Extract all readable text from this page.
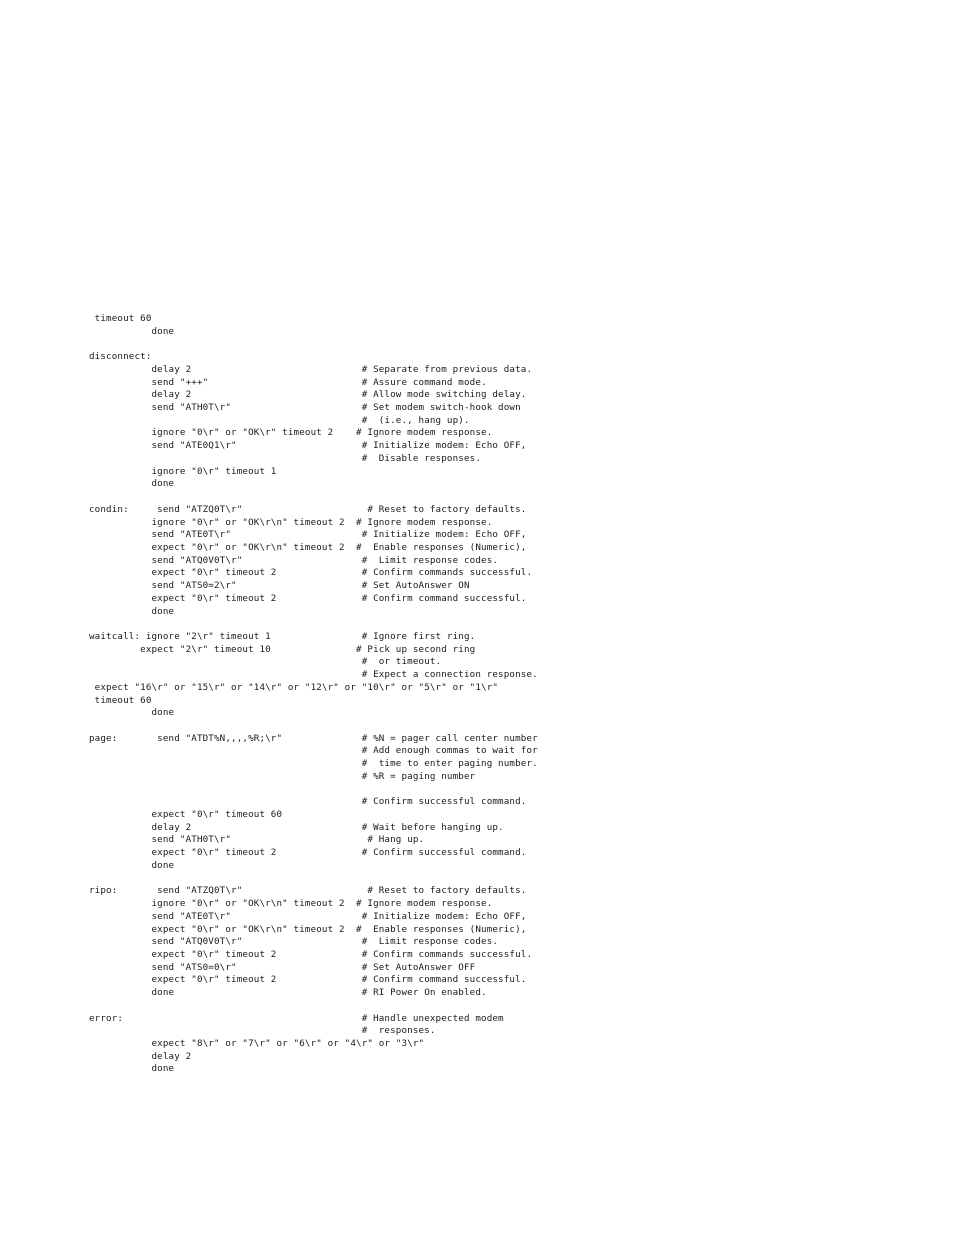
timeout 60
done
disconnect:
delay 2                              # Separate from previous data.
send "+++"                           # Assure command mode.
delay 2                              # Allow mode switching delay.
send "ATH0T\r"                       # Set modem switch-hook down
#  (i.e., hang up).
ignore "0\r" or "OK\r" timeout 2    # Ignore modem response.
send "ATE0Q1\r"                      # Initialize modem: Echo OFF,
#  Disable responses.
ignore "0\r" timeout 1
done
condin:     send "ATZQ0T\r"                      # Reset to factory defaults.
ignore "0\r" or "OK\r\n" timeout 2  # Ignore modem response.
send "ATE0T\r"                       # Initialize modem: Echo OFF,
expect "0\r" or "OK\r\n" timeout 2  #  Enable responses (Numeric),
send "ATQ0V0T\r"                     #  Limit response codes.
expect "0\r" timeout 2               # Confirm commands successful.
send "ATS0=2\r"                      # Set AutoAnswer ON
expect "0\r" timeout 2               # Confirm command successful.
done
waitcall: ignore "2\r" timeout 1                # Ignore first ring.
expect "2\r" timeout 10               # Pick up second ring
#  or timeout.
# Expect a connection response.
expect "16\r" or "15\r" or "14\r" or "12\r" or "10\r" or "5\r" or "1\r"
timeout 60
done
page:       send "ATDT%N,,,,%R;\r"              # %N = pager call center number
# Add enough commas to wait for
#  time to enter paging number.
# %R = paging number
# Confirm successful command.
expect "0\r" timeout 60
delay 2                              # Wait before hanging up.
send "ATH0T\r"                        # Hang up.
expect "0\r" timeout 2               # Confirm successful command.
done
ripo:       send "ATZQ0T\r"                      # Reset to factory defaults.
ignore "0\r" or "OK\r\n" timeout 2  # Ignore modem response.
send "ATE0T\r"                       # Initialize modem: Echo OFF,
expect "0\r" or "OK\r\n" timeout 2  #  Enable responses (Numeric),
send "ATQ0V0T\r"                     #  Limit response codes.
expect "0\r" timeout 2               # Confirm commands successful.
send "ATS0=0\r"                      # Set AutoAnswer OFF
expect "0\r" timeout 2               # Confirm command successful.
done                                 # RI Power On enabled.
error:                                          # Handle unexpected modem
#  responses.
expect "8\r" or "7\r" or "6\r" or "4\r" or "3\r"
delay 2
done
